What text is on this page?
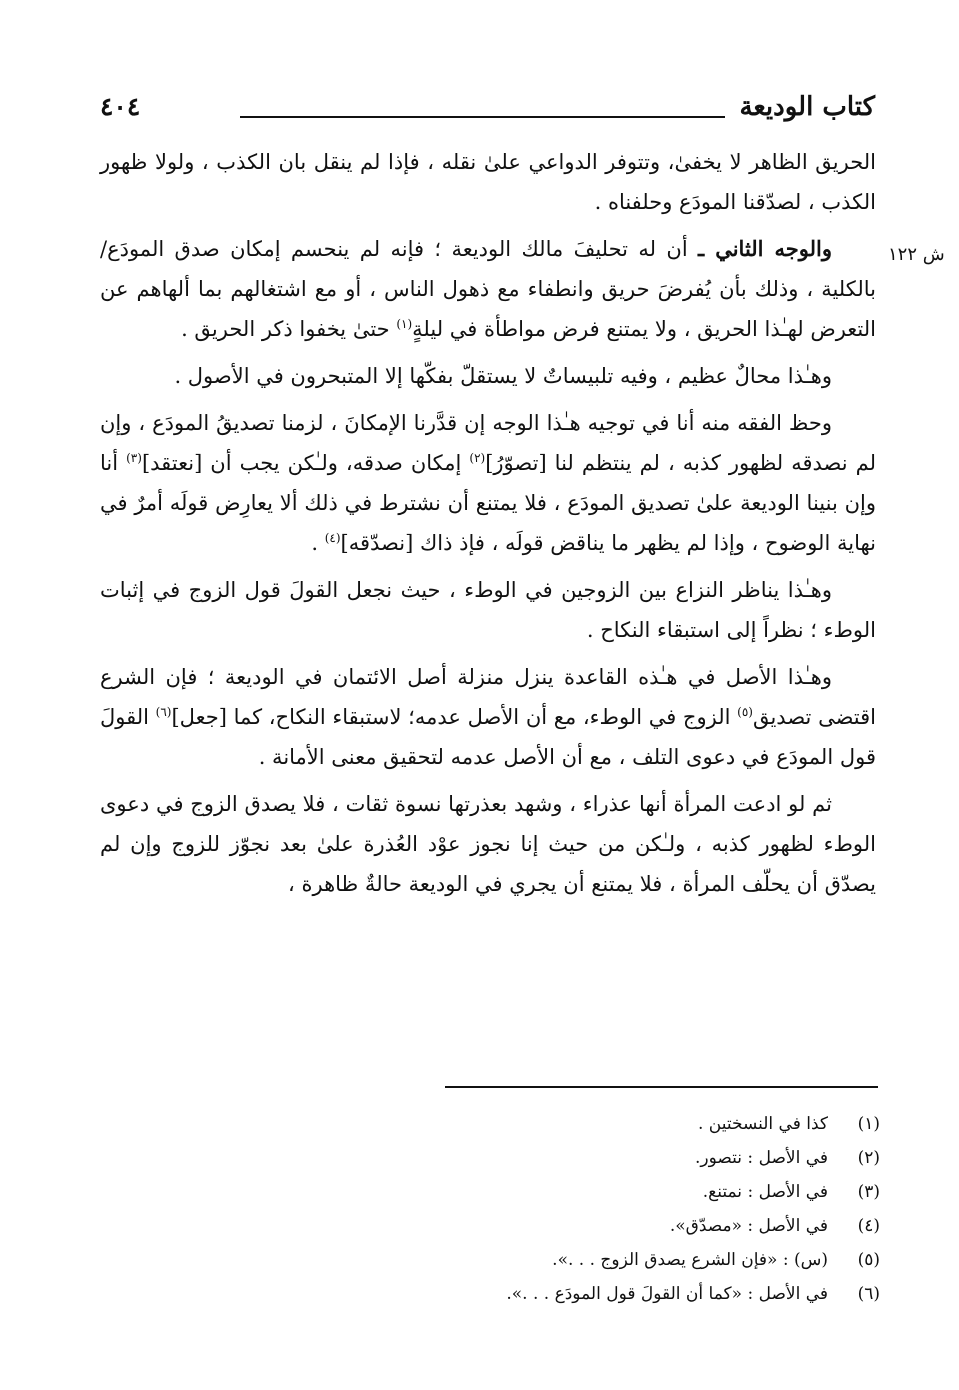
كتاب الوديعة
٤٠٤
ش ١٢٢

الحريق الظاهر لا يخفىٰ، وتتوفر الدواعي علىٰ نقله ، فإذا لم ينقل بان الكذب ، ولولا ظهور الكذب ، لصدّقنا المودَع وحلفناه .

والوجه الثاني ـ أن له تحليفَ مالك الوديعة ؛ فإنه لم ينحسم إمكان صدق المودَع/ بالكلية ، وذلك بأن يُفرضَ حريق وانطفاء مع ذهول الناس ، أو مع اشتغالهم بما ألهاهم عن التعرض لهـٰذا الحريق ، ولا يمتنع فرض مواطأة في ليلةٍ$^{(١)}$ حتىٰ يخفوا ذكر الحريق .

وهـٰذا محالٌ عظيم ، وفيه تلبيساتٌ لا يستقلّ بفكّها إلا المتبحرون في الأصول .

وحظ الفقه منه أنا في توجيه هـٰذا الوجه إن قدَّرنا الإمكانَ ، لزمنا تصديقُ المودَع ، وإن لم نصدقه لظهور كذبه ، لم ينتظم لنا [تصوّرُ]$^{(٢)}$ إمكان صدقه، ولـٰكن يجب أن [نعتقد]$^{(٣)}$ أنا وإن بنينا الوديعة علىٰ تصديق المودَع ، فلا يمتنع أن نشترط في ذلك ألا يعارِض قولَه أمرٌ في نهاية الوضوح ، وإذا لم يظهر ما يناقض قولَه ، فإذ ذاك [نصدّقه]$^{(٤)}$ .

وهـٰذا يناظر النزاع بين الزوجين في الوطء ، حيث نجعل القولَ قول الزوج في إثبات الوطء ؛ نظراً إلى استبقاء النكاح .

وهـٰذا الأصل في هـٰذه القاعدة ينزل منزلة أصل الائتمان في الوديعة ؛ فإن الشرع اقتضى تصديق$^{(٥)}$ الزوج في الوطء، مع أن الأصل عدمه؛ لاستبقاء النكاح، كما [جعل]$^{(٦)}$ القولَ قول المودَع في دعوى التلف ، مع أن الأصل عدمه لتحقيق معنى الأمانة .

ثم لو ادعت المرأة أنها عذراء ، وشهد بعذرتها نسوة ثقات ، فلا يصدق الزوج في دعوى الوطء لظهور كذبه ، ولـٰكن من حيث إنا نجوز عوْد العُذرة علىٰ بعد نجوّز للزوج وإن لم يصدّق أن يحلّف المرأة ، فلا يمتنع أن يجري في الوديعة حالةٌ ظاهرة ،

(١)كذا في النسختين .
(٢)في الأصل : نتصور.
(٣)في الأصل : نمتنع.
(٤)في الأصل : «مصدّق».
(٥)(س) : «فإن الشرع يصدق الزوج . . .».
(٦)في الأصل : «كما أن القولَ قول المودَع . . .».
